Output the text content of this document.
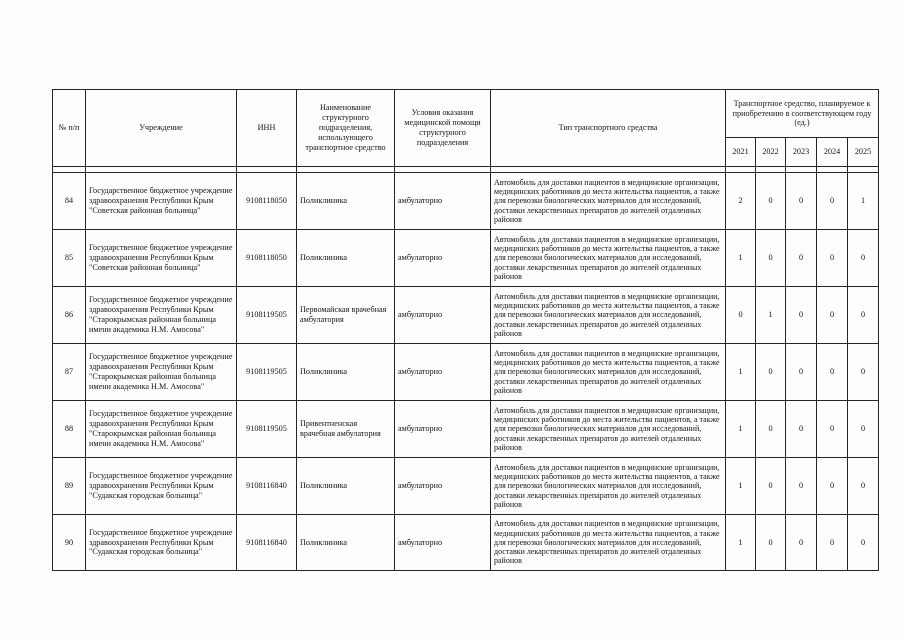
№ п/п	Учреждение	ИНН	Наименование структурного подразделения, использующего транспортное средство	Условия оказания медицинской помощи структурного подразделения	Тип транспортного средства	Транспортное средство, планируемое к приобретению в соответствующем году (ед.)				
						2021	2022	2023	2024	2025

84	Государственное бюджетное учреждение здравоохранения Республики Крым "Советская районная больница"	9108118050	Поликлиника	амбулаторно	Автомобиль для доставки пациентов в медицинские организации, медицинских работников до места жительства пациентов, а также для перевозки биологических материалов для исследований, доставки лекарственных препаратов до жителей отдаленных районов	2	0	0	0	1
85	Государственное бюджетное учреждение здравоохранения Республики Крым "Советская районная больница"	9108118050	Поликлиника	амбулаторно	Автомобиль для доставки пациентов в медицинские организации, медицинских работников до места жительства пациентов, а также для перевозки биологических материалов для исследований, доставки лекарственных препаратов до жителей отдаленных районов	1	0	0	0	0
86	Государственное бюджетное учреждение здравоохранения Республики Крым "Старокрымская районная больница имени академика Н.М. Амосова"	9108119505	Первомайская врачебная амбулатория	амбулаторно	Автомобиль для доставки пациентов в медицинские организации, медицинских работников до места жительства пациентов, а также для перевозки биологических материалов для исследований, доставки лекарственных препаратов до жителей отдаленных районов	0	1	0	0	0
87	Государственное бюджетное учреждение здравоохранения Республики Крым "Старокрымская районная больница имени академика Н.М. Амосова"	9108119505	Поликлиника	амбулаторно	Автомобиль для доставки пациентов в медицинские организации, медицинских работников до места жительства пациентов, а также для перевозки биологических материалов для исследований, доставки лекарственных препаратов до жителей отдаленных районов	1	0	0	0	0
88	Государственное бюджетное учреждение здравоохранения Республики Крым "Старокрымская районная больница имени академика Н.М. Амосова"	9108119505	Привентненская врачебная амбулатория	амбулаторно	Автомобиль для доставки пациентов в медицинские организации, медицинских работников до места жительства пациентов, а также для перевозки биологических материалов для исследований, доставки лекарственных препаратов до жителей отдаленных районов	1	0	0	0	0
89	Государственное бюджетное учреждение здравоохранения Республики Крым "Судакская городская больница"	9108116840	Поликлиника	амбулаторно	Автомобиль для доставки пациентов в медицинские организации, медицинских работников до места жительства пациентов, а также для перевозки биологических материалов для исследований, доставки лекарственных препаратов до жителей отдаленных районов	1	0	0	0	0
90	Государственное бюджетное учреждение здравоохранения Республики Крым "Судакская городская больница"	9108116840	Поликлиника	амбулаторно	Автомобиль для доставки пациентов в медицинские организации, медицинских работников до места жительства пациентов, а также для перевозки биологических материалов для исследований, доставки лекарственных препаратов до жителей отдаленных районов	1	0	0	0	0
